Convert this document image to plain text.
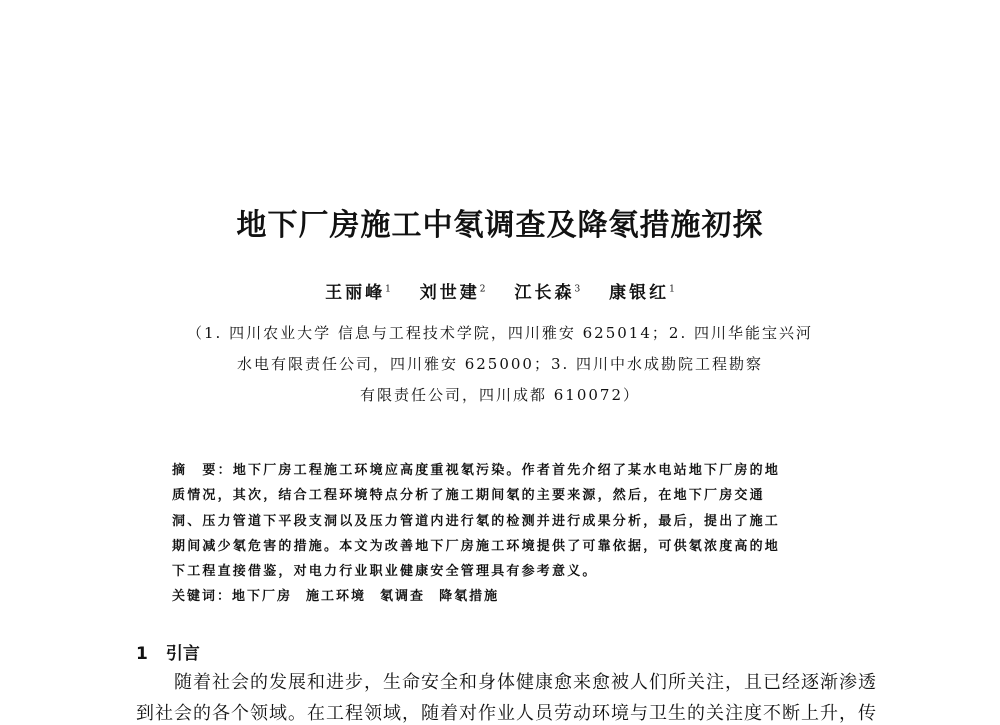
地下厂房施工中氡调查及降氡措施初探
王丽峰$^1$ 刘世建$^2$ 江长森$^3$ 康银红$^1$
（1. 四川农业大学 信息与工程技术学院，四川雅安 625014；2. 四川华能宝兴河
水电有限责任公司，四川雅安 625000；3. 四川中水成勘院工程勘察
有限责任公司，四川成都 610072）
摘　要：地下厂房工程施工环境应高度重视氡污染。作者首先介绍了某水电站地下厂房的地
质情况，其次，结合工程环境特点分析了施工期间氡的主要来源，然后，在地下厂房交通
洞、压力管道下平段支洞以及压力管道内进行氡的检测并进行成果分析，最后，提出了施工
期间减少氡危害的措施。本文为改善地下厂房施工环境提供了可靠依据，可供氡浓度高的地
下工程直接借鉴，对电力行业职业健康安全管理具有参考意义。
关键词：地下厂房 施工环境 氡调查 降氡措施
1 引言
　　随着社会的发展和进步，生命安全和身体健康愈来愈被人们所关注，且已经逐渐渗透
到社会的各个领域。在工程领域，随着对作业人员劳动环境与卫生的关注度不断上升，传
